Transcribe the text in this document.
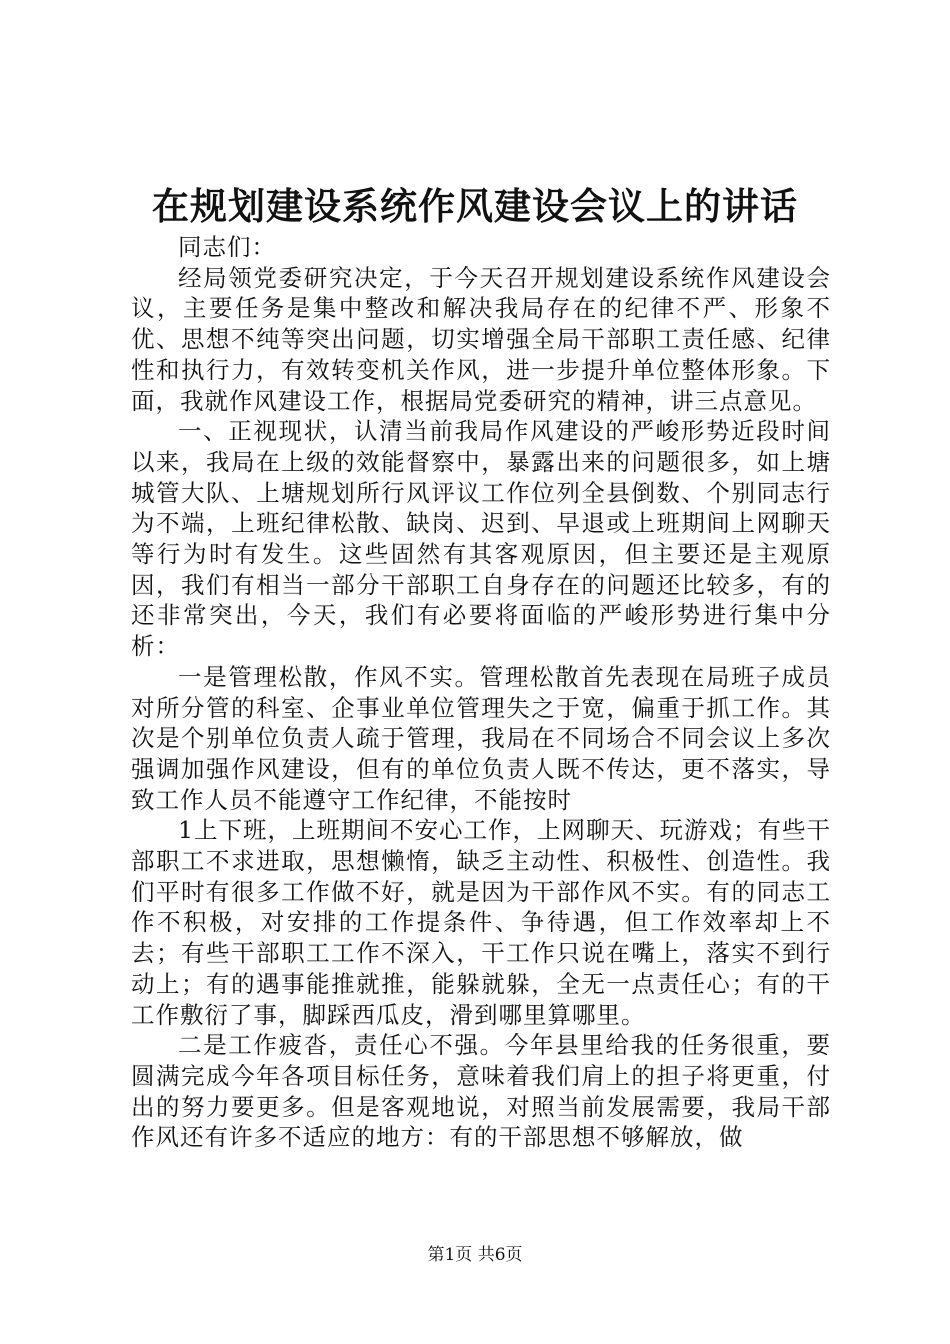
在规划建设系统作风建设会议上的讲话

同志们：

经局领党委研究决定，于今天召开规划建设系统作风建设会议，主要任务是集中整改和解决我局存在的纪律不严、形象不优、思想不纯等突出问题，切实增强全局干部职工责任感、纪律性和执行力，有效转变机关作风，进一步提升单位整体形象。下面，我就作风建设工作，根据局党委研究的精神，讲三点意见。

一、正视现状，认清当前我局作风建设的严峻形势近段时间以来，我局在上级的效能督察中，暴露出来的问题很多，如上塘城管大队、上塘规划所行风评议工作位列全县倒数、个别同志行为不端，上班纪律松散、缺岗、迟到、早退或上班期间上网聊天等行为时有发生。这些固然有其客观原因，但主要还是主观原因，我们有相当一部分干部职工自身存在的问题还比较多，有的还非常突出，今天，我们有必要将面临的严峻形势进行集中分析：

一是管理松散，作风不实。管理松散首先表现在局班子成员对所分管的科室、企事业单位管理失之于宽，偏重于抓工作。其次是个别单位负责人疏于管理，我局在不同场合不同会议上多次强调加强作风建设，但有的单位负责人既不传达，更不落实，导致工作人员不能遵守工作纪律，不能按时

1上下班，上班期间不安心工作，上网聊天、玩游戏；有些干部职工不求进取，思想懒惰，缺乏主动性、积极性、创造性。我们平时有很多工作做不好，就是因为干部作风不实。有的同志工作不积极，对安排的工作提条件、争待遇，但工作效率却上不去；有些干部职工工作不深入，干工作只说在嘴上，落实不到行动上；有的遇事能推就推，能躲就躲，全无一点责任心；有的干工作敷衍了事，脚踩西瓜皮，滑到哪里算哪里。

二是工作疲沓，责任心不强。今年县里给我的任务很重，要圆满完成今年各项目标任务，意味着我们肩上的担子将更重，付出的努力要更多。但是客观地说，对照当前发展需要，我局干部作风还有许多不适应的地方：有的干部思想不够解放，做

第1页 共6页
